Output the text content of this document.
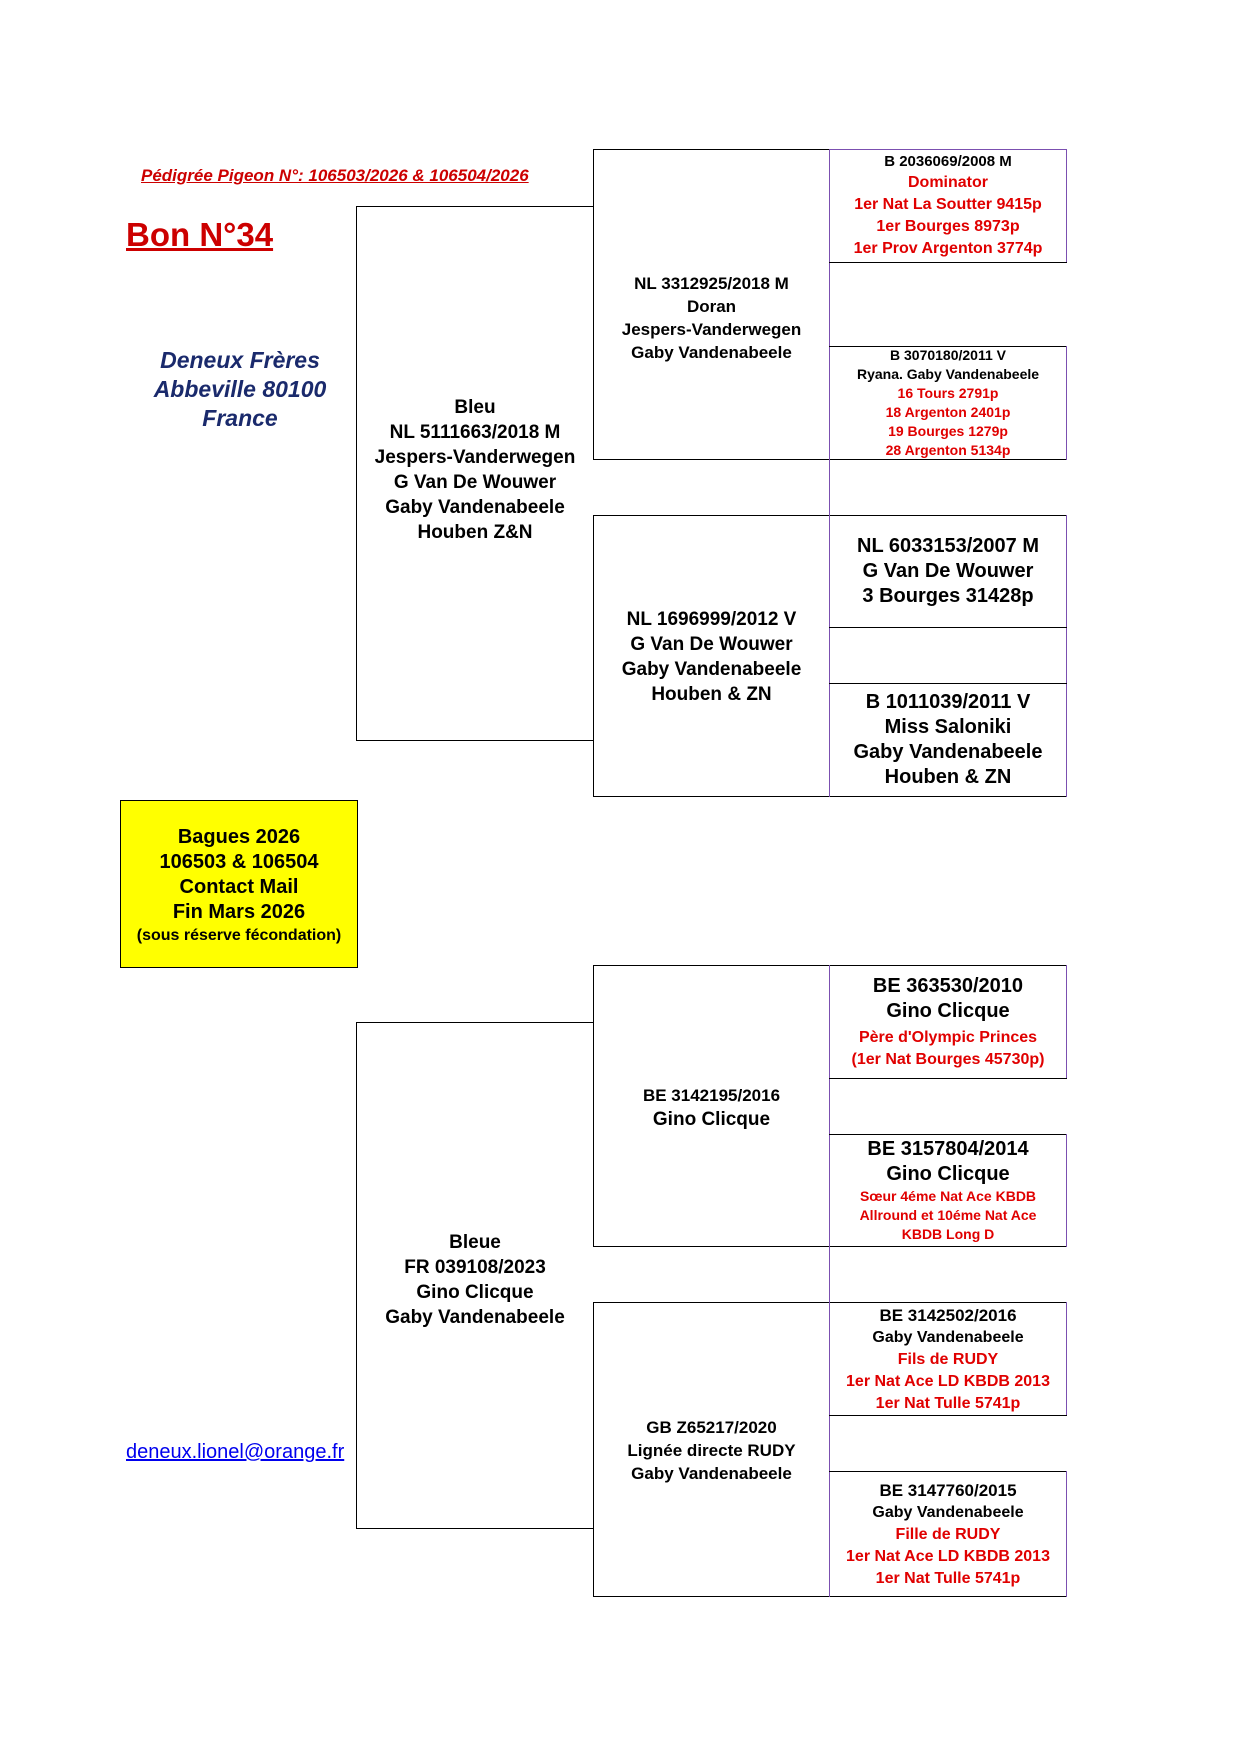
Pédigrée Pigeon N°: 106503/2026 & 106504/2026
Bon N°34
Deneux Frères
Abbeville 80100
France
Bagues 2026
106503 & 106504
Contact Mail
Fin Mars 2026
(sous réserve fécondation)
deneux.lionel@orange.fr
Bleu
NL 5111663/2018 M
Jespers-Vanderwegen
G Van De Wouwer
Gaby Vandenabeele
Houben Z&N
Bleue
FR 039108/2023
Gino Clicque
Gaby Vandenabeele
NL 3312925/2018 M
Doran
Jespers-Vanderwegen
Gaby Vandenabeele
NL 1696999/2012 V
G Van De Wouwer
Gaby Vandenabeele
Houben & ZN
BE 3142195/2016
Gino Clicque
GB Z65217/2020
Lignée directe RUDY
Gaby Vandenabeele
B 2036069/2008 M
Dominator
1er Nat La Soutter 9415p
1er Bourges 8973p
1er Prov Argenton 3774p
B 3070180/2011 V
Ryana. Gaby Vandenabeele
16 Tours 2791p
18 Argenton 2401p
19 Bourges 1279p
28 Argenton 5134p
NL 6033153/2007 M
G Van De Wouwer
3 Bourges 31428p
B 1011039/2011 V
Miss Saloniki
Gaby Vandenabeele
Houben & ZN
BE 363530/2010
Gino Clicque
Père d'Olympic Princes
(1er Nat Bourges 45730p)
BE 3157804/2014
Gino Clicque
Sœur 4éme Nat Ace KBDB
Allround et 10éme Nat Ace
KBDB Long D
BE 3142502/2016
Gaby Vandenabeele
Fils de RUDY
1er Nat Ace LD KBDB 2013
1er Nat Tulle 5741p
BE 3147760/2015
Gaby Vandenabeele
Fille de RUDY
1er Nat Ace LD KBDB 2013
1er Nat Tulle 5741p
